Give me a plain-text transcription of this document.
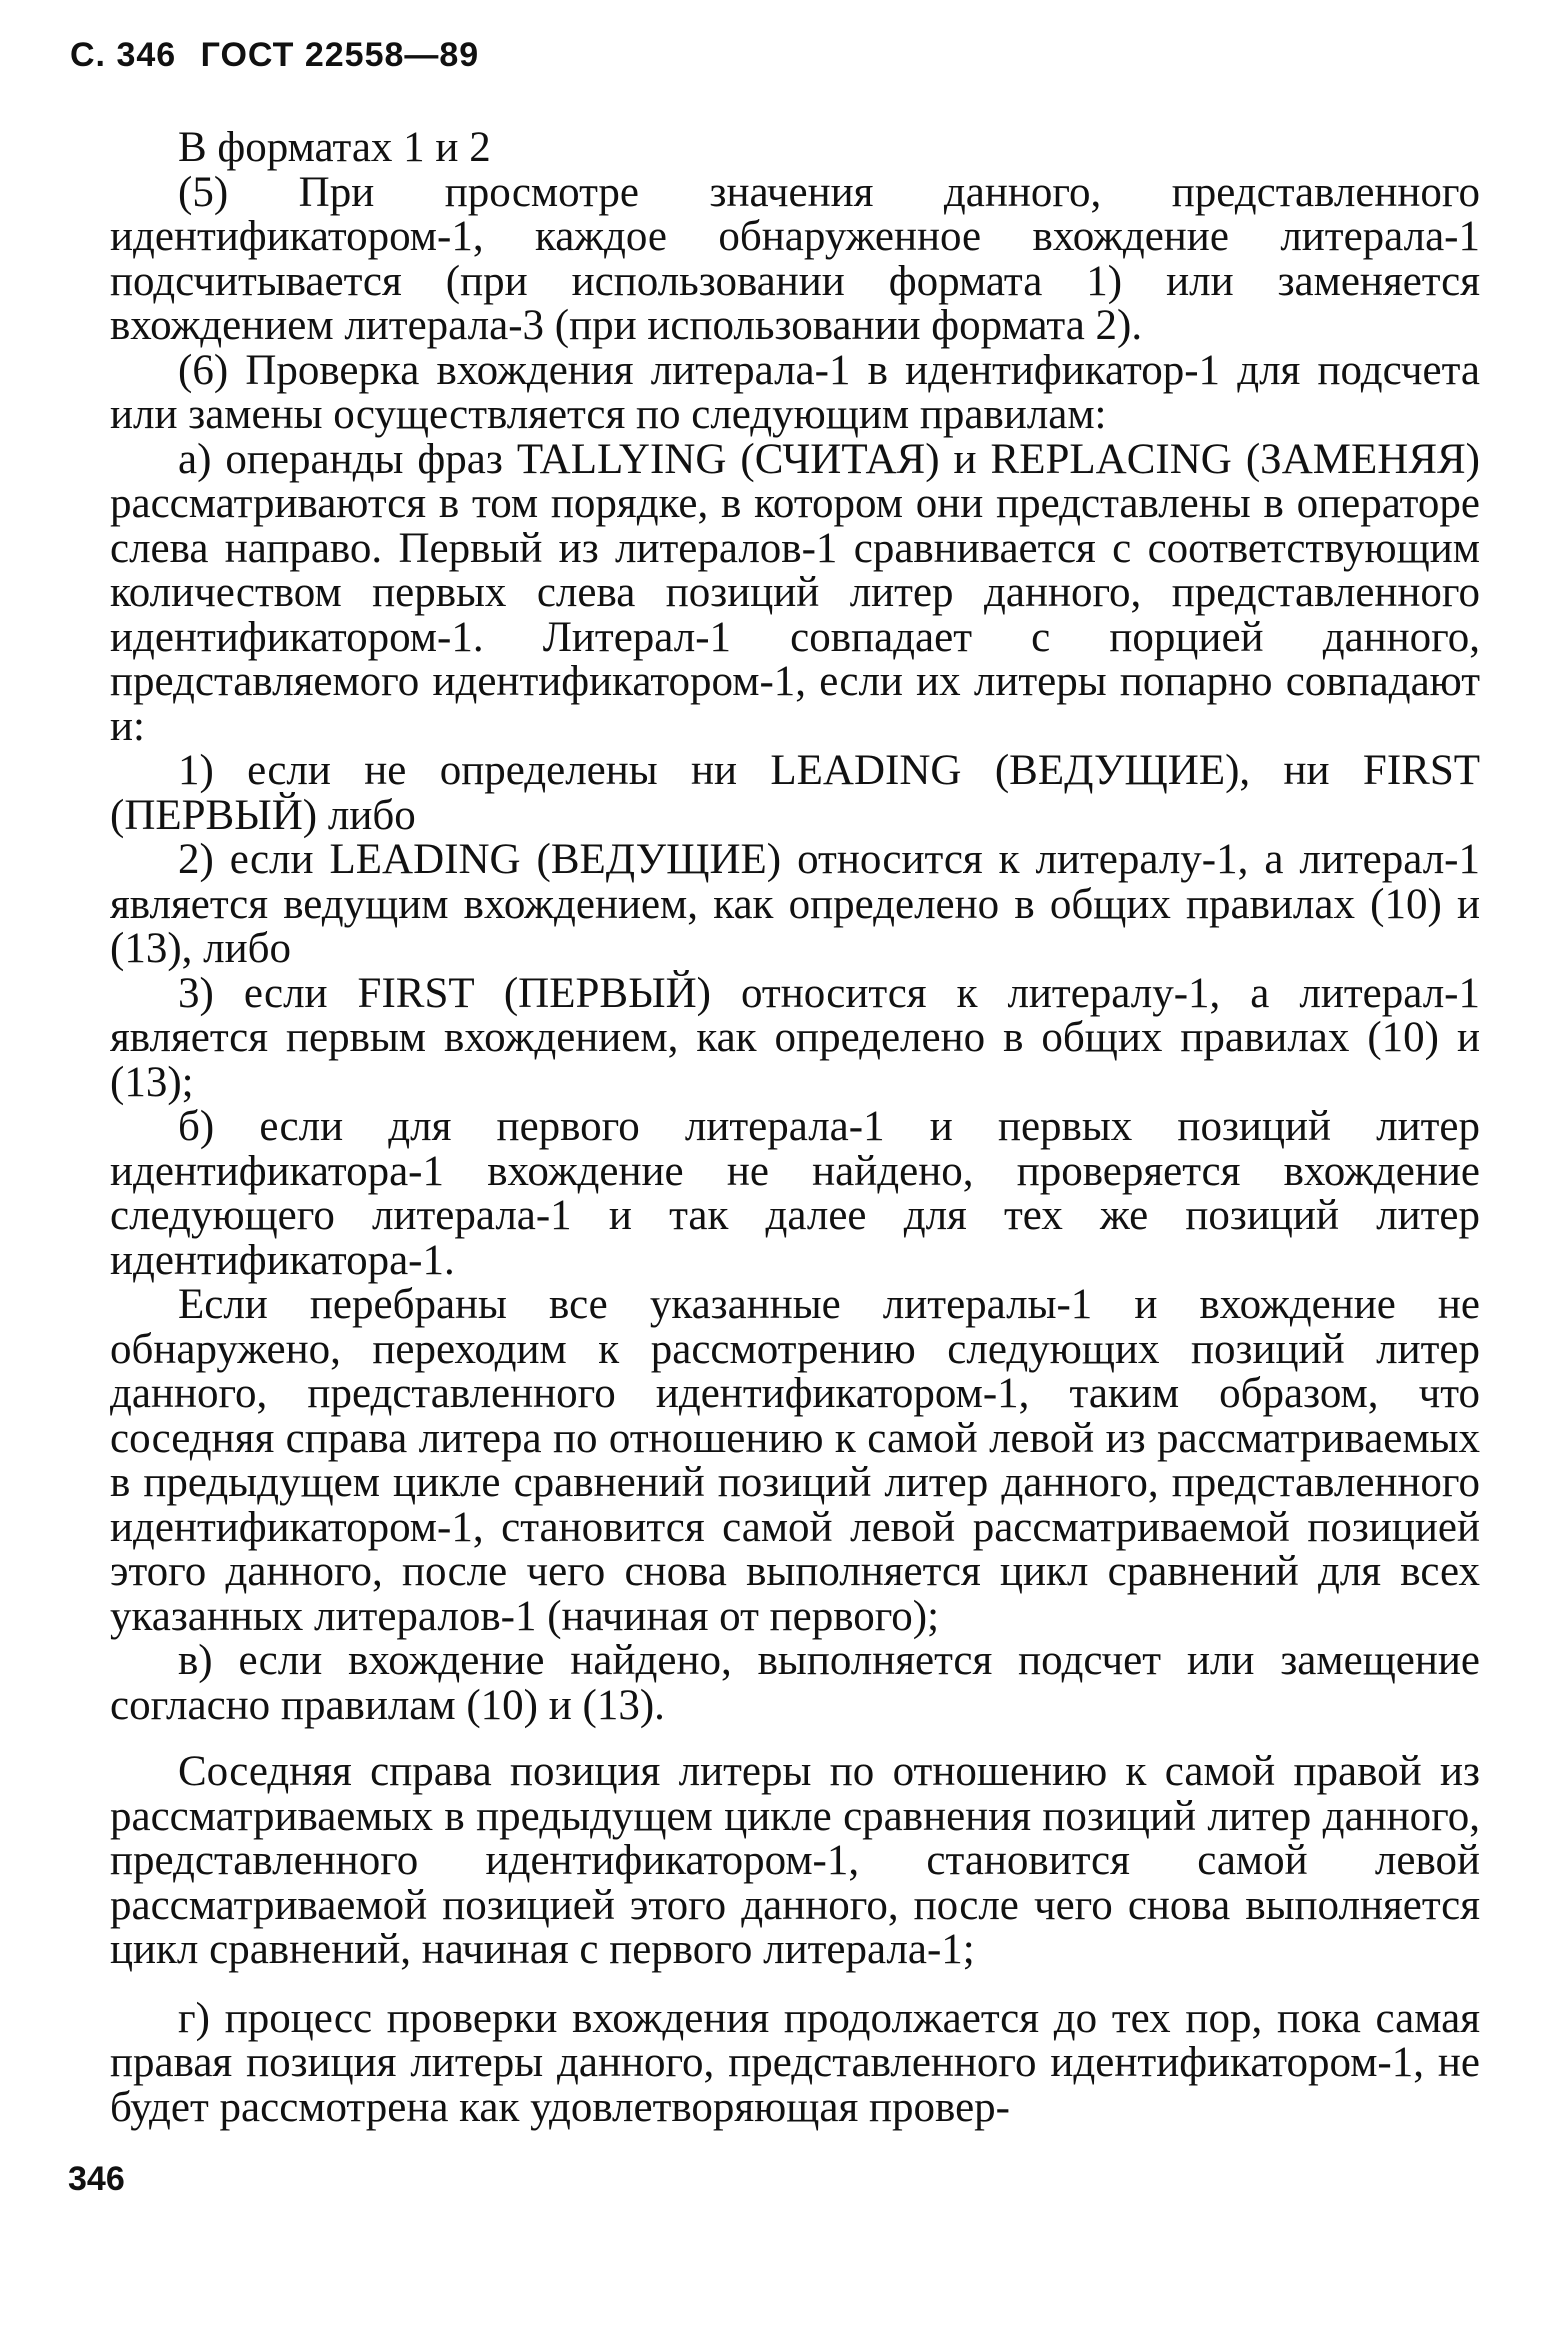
С. 346 ГОСТ 22558—89

В форматах 1 и 2

(5) При просмотре значения данного, представленного идентификатором-1, каждое обнаруженное вхождение литерала-1 подсчитывается (при использовании формата 1) или заменяется вхождением литерала-3 (при использовании формата 2).

(6) Проверка вхождения литерала-1 в идентификатор-1 для подсчета или замены осуществляется по следующим правилам:

а) операнды фраз TALLYING (СЧИТАЯ) и REPLACING (ЗАМЕНЯЯ) рассматриваются в том порядке, в котором они представлены в операторе слева направо. Первый из литералов-1 сравнивается с соответствующим количеством первых слева позиций литер данного, представленного идентификатором-1. Литерал-1 совпадает с порцией данного, представляемого идентификатором-1, если их литеры попарно совпадают и:

1) если не определены ни LEADING (ВЕДУЩИЕ), ни FIRST (ПЕРВЫЙ) либо

2) если LEADING (ВЕДУЩИЕ) относится к литералу-1, а литерал-1 является ведущим вхождением, как определено в общих правилах (10) и (13), либо

3) если FIRST (ПЕРВЫЙ) относится к литералу-1, а литерал-1 является первым вхождением, как определено в общих правилах (10) и (13);

б) если для первого литерала-1 и первых позиций литер идентификатора-1 вхождение не найдено, проверяется вхождение следующего литерала-1 и так далее для тех же позиций литер идентификатора-1.

Если перебраны все указанные литералы-1 и вхождение не обнаружено, переходим к рассмотрению следующих позиций литер данного, представленного идентификатором-1, таким образом, что соседняя справа литера по отношению к самой левой из рассматриваемых в предыдущем цикле сравнений позиций литер данного, представленного идентификатором-1, становится самой левой рассматриваемой позицией этого данного, после чего снова выполняется цикл сравнений для всех указанных литералов-1 (начиная от первого);

в) если вхождение найдено, выполняется подсчет или замещение согласно правилам (10) и (13).

Соседняя справа позиция литеры по отношению к самой правой из рассматриваемых в предыдущем цикле сравнения позиций литер данного, представленного идентификатором-1, становится самой левой рассматриваемой позицией этого данного, после чего снова выполняется цикл сравнений, начиная с первого литерала-1;

г) процесс проверки вхождения продолжается до тех пор, пока самая правая позиция литеры данного, представленного идентификатором-1, не будет рассмотрена как удовлетворяющая провер-

346
